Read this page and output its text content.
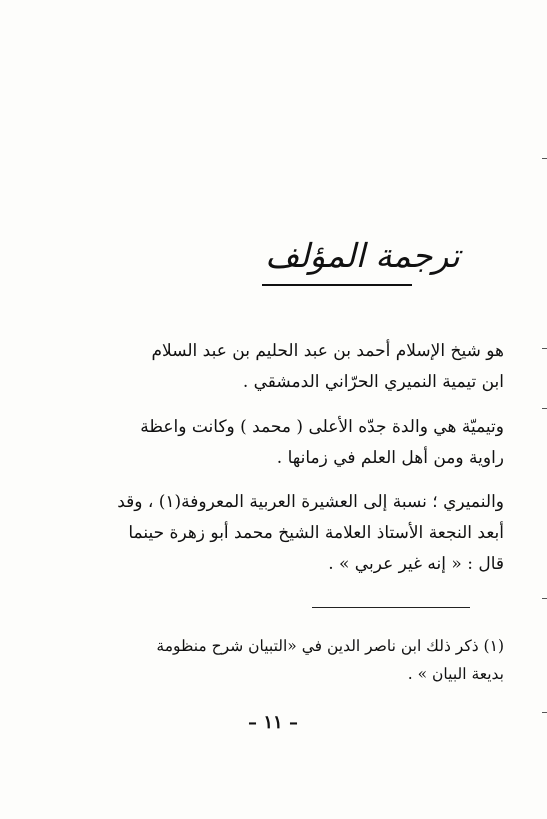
ترجمة المؤلف
هو شيخ الإسلام أحمد بن عبد الحليم بن عبد السلام
ابن تيمية النميري الحرّاني الدمشقي .
وتيميّة هي والدة جدّه الأعلى ( محمد ) وكانت واعظة
راوية ومن أهل العلم في زمانها .
والنميري ؛ نسبة إلى العشيرة العربية المعروفة(١) ، وقد
أبعد النجعة الأستاذ العلامة الشيخ محمد أبو زهرة حينما
قال : « إنه غير عربي » .
(١) ذكر ذلك ابن ناصر الدين في «التبيان شرح منظومة
بديعة البيان » .
– ١١ –
